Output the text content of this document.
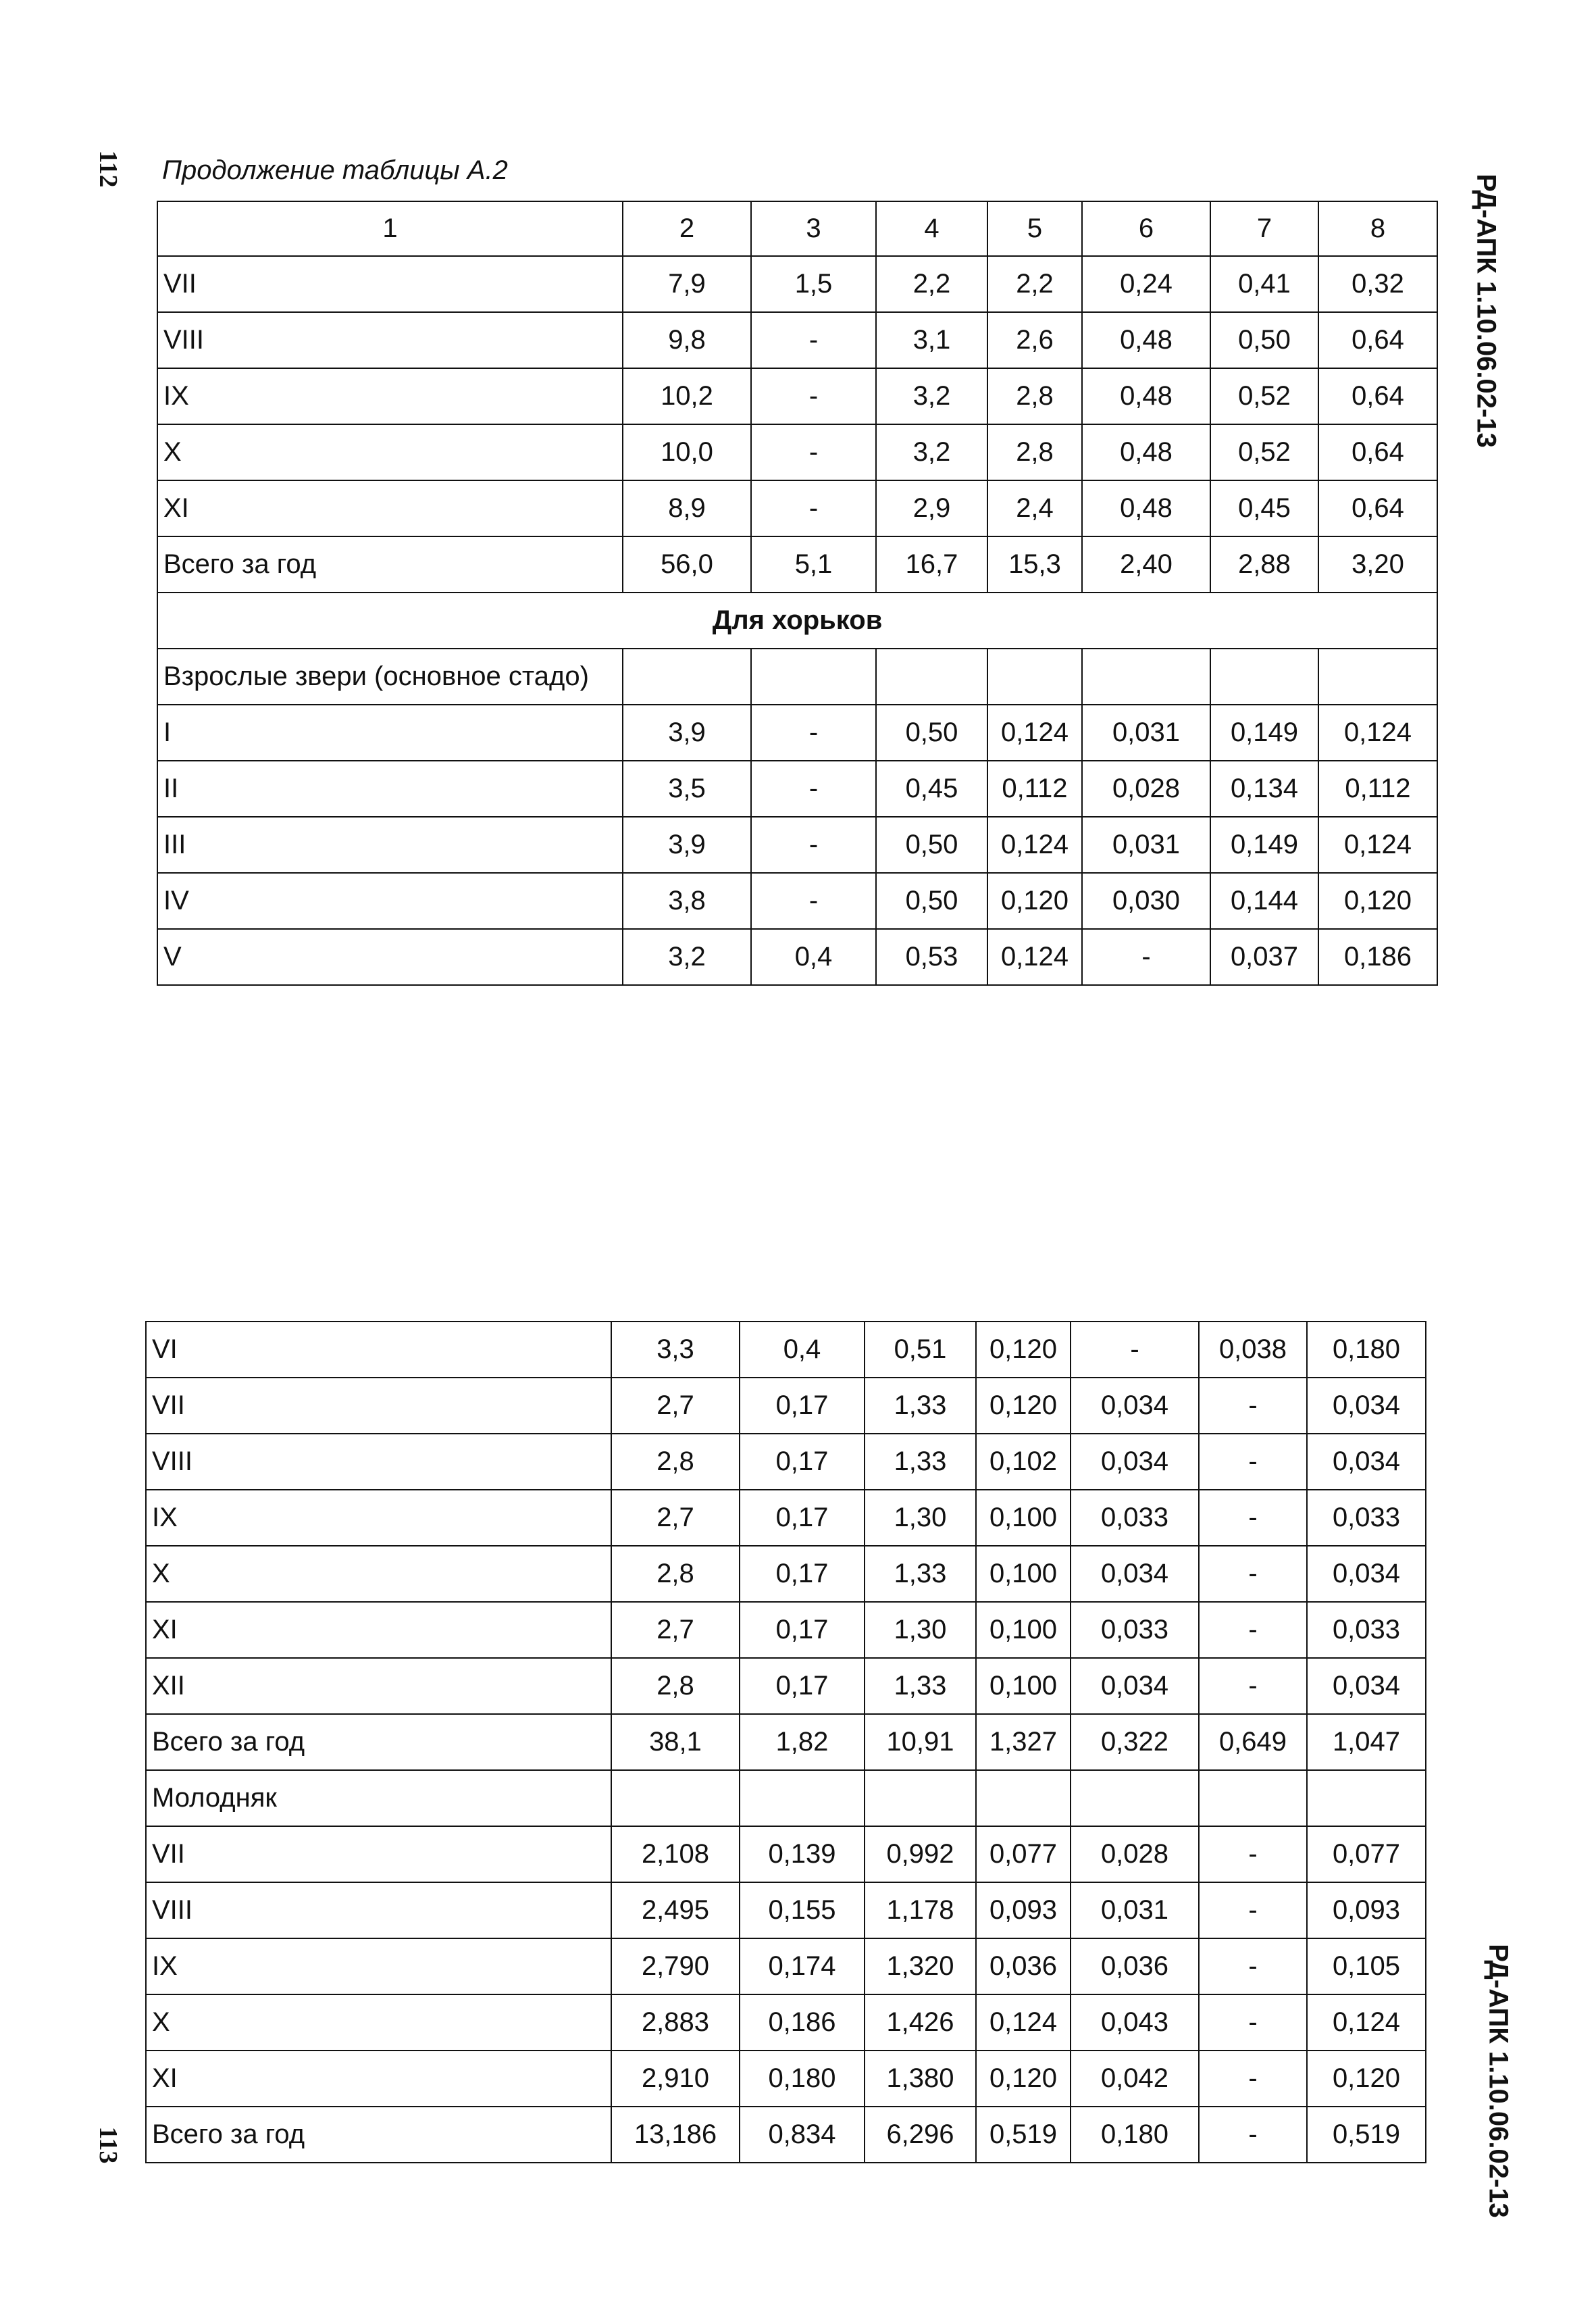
112
113
РД-АПК 1.10.06.02-13
РД-АПК 1.10.06.02-13
Продолжение таблицы А.2
1	2	3	4	5	6	7	8
VII	7,9	1,5	2,2	2,2	0,24	0,41	0,32
VIII	9,8	-	3,1	2,6	0,48	0,50	0,64
IX	10,2	-	3,2	2,8	0,48	0,52	0,64
X	10,0	-	3,2	2,8	0,48	0,52	0,64
XI	8,9	-	2,9	2,4	0,48	0,45	0,64
Всего за год	56,0	5,1	16,7	15,3	2,40	2,88	3,20
Для хорьков							
Взрослые звери (основное стадо)							
I	3,9	-	0,50	0,124	0,031	0,149	0,124
II	3,5	-	0,45	0,112	0,028	0,134	0,112
III	3,9	-	0,50	0,124	0,031	0,149	0,124
IV	3,8	-	0,50	0,120	0,030	0,144	0,120
V	3,2	0,4	0,53	0,124	-	0,037	0,186
VI	3,3	0,4	0,51	0,120	-	0,038	0,180
VII	2,7	0,17	1,33	0,120	0,034	-	0,034
VIII	2,8	0,17	1,33	0,102	0,034	-	0,034
IX	2,7	0,17	1,30	0,100	0,033	-	0,033
X	2,8	0,17	1,33	0,100	0,034	-	0,034
XI	2,7	0,17	1,30	0,100	0,033	-	0,033
XII	2,8	0,17	1,33	0,100	0,034	-	0,034
Всего за год	38,1	1,82	10,91	1,327	0,322	0,649	1,047
Молодняк							
VII	2,108	0,139	0,992	0,077	0,028	-	0,077
VIII	2,495	0,155	1,178	0,093	0,031	-	0,093
IX	2,790	0,174	1,320	0,036	0,036	-	0,105
X	2,883	0,186	1,426	0,124	0,043	-	0,124
XI	2,910	0,180	1,380	0,120	0,042	-	0,120
Всего за год	13,186	0,834	6,296	0,519	0,180	-	0,519
